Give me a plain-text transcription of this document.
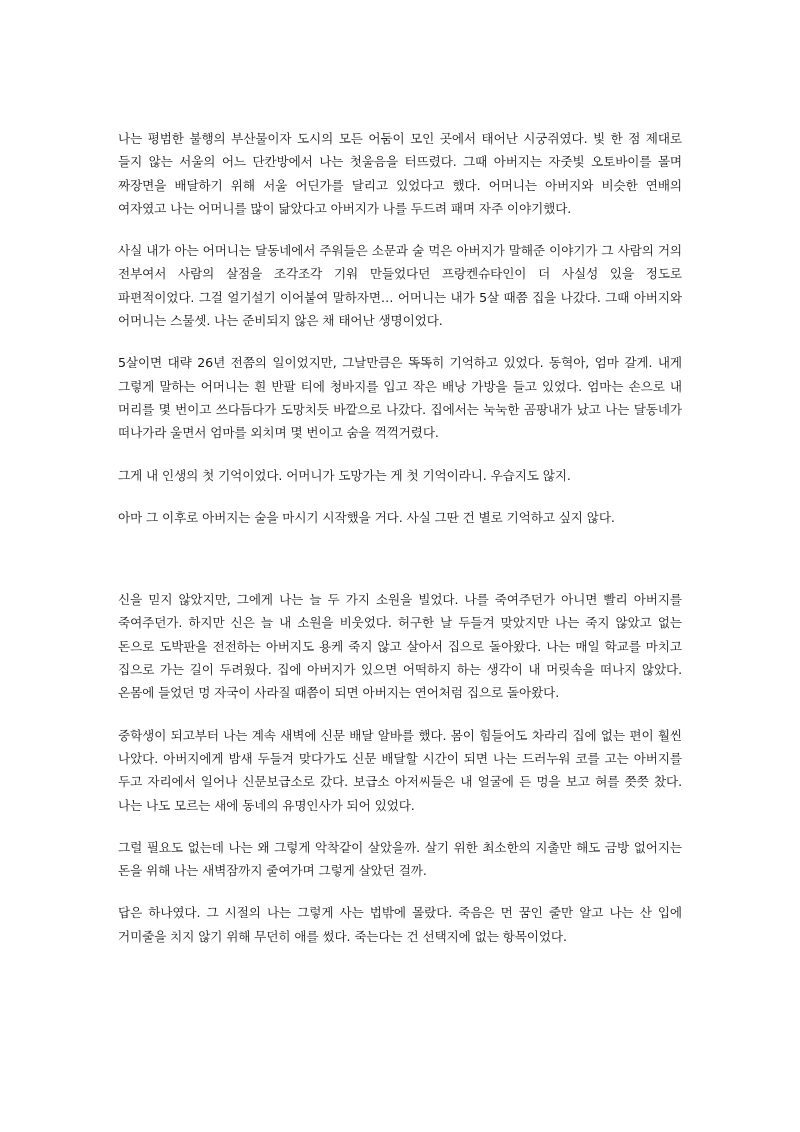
나는 평범한 불행의 부산물이자 도시의 모든 어둠이 모인 곳에서 태어난 시궁쥐였다. 빛 한 점 제대로 들지 않는 서울의 어느 단칸방에서 나는 첫울음을 터뜨렸다. 그때 아버지는 자줏빛 오토바이를 몰며 짜장면을 배달하기 위해 서울 어딘가를 달리고 있었다고 했다. 어머니는 아버지와 비슷한 연배의 여자였고 나는 어머니를 많이 닮았다고 아버지가 나를 두드려 패며 자주 이야기했다.

사실 내가 아는 어머니는 달동네에서 주워들은 소문과 술 먹은 아버지가 말해준 이야기가 그 사람의 거의 전부여서 사람의 살점을 조각조각 기워 만들었다던 프랑켄슈타인이 더 사실성 있을 정도로 파편적이었다. 그걸 얼기설기 이어붙여 말하자면… 어머니는 내가 5살 때쯤 집을 나갔다. 그때 아버지와 어머니는 스물셋. 나는 준비되지 않은 채 태어난 생명이었다.

5살이면 대략 26년 전쯤의 일이었지만, 그날만큼은 똑똑히 기억하고 있었다. 동혁아, 엄마 갈게. 내게 그렇게 말하는 어머니는 흰 반팔 티에 청바지를 입고 작은 배낭 가방을 들고 있었다. 엄마는 손으로 내 머리를 몇 번이고 쓰다듬다가 도망치듯 바깥으로 나갔다. 집에서는 눅눅한 곰팡내가 났고 나는 달동네가 떠나가라 울면서 엄마를 외치며 몇 번이고 숨을 꺽꺽거렸다.

그게 내 인생의 첫 기억이었다. 어머니가 도망가는 게 첫 기억이라니. 우습지도 않지.

아마 그 이후로 아버지는 술을 마시기 시작했을 거다. 사실 그딴 건 별로 기억하고 싶지 않다.

신을 믿지 않았지만, 그에게 나는 늘 두 가지 소원을 빌었다. 나를 죽여주던가 아니면 빨리 아버지를 죽여주던가. 하지만 신은 늘 내 소원을 비웃었다. 허구한 날 두들겨 맞았지만 나는 죽지 않았고 없는 돈으로 도박판을 전전하는 아버지도 용케 죽지 않고 살아서 집으로 돌아왔다. 나는 매일 학교를 마치고 집으로 가는 길이 두려웠다. 집에 아버지가 있으면 어떡하지 하는 생각이 내 머릿속을 떠나지 않았다. 온몸에 들었던 멍 자국이 사라질 때쯤이 되면 아버지는 연어처럼 집으로 돌아왔다.

중학생이 되고부터 나는 계속 새벽에 신문 배달 알바를 했다. 몸이 힘들어도 차라리 집에 없는 편이 훨씬 나았다. 아버지에게 밤새 두들겨 맞다가도 신문 배달할 시간이 되면 나는 드러누워 코를 고는 아버지를 두고 자리에서 일어나 신문보급소로 갔다. 보급소 아저씨들은 내 얼굴에 든 멍을 보고 혀를 쯧쯧 찼다. 나는 나도 모르는 새에 동네의 유명인사가 되어 있었다.

그럴 필요도 없는데 나는 왜 그렇게 악착같이 살았을까. 살기 위한 최소한의 지출만 해도 금방 없어지는 돈을 위해 나는 새벽잠까지 줄여가며 그렇게 살았던 걸까.

답은 하나였다. 그 시절의 나는 그렇게 사는 법밖에 몰랐다. 죽음은 먼 꿈인 줄만 알고 나는 산 입에 거미줄을 치지 않기 위해 무던히 애를 썼다. 죽는다는 건 선택지에 없는 항목이었다.
